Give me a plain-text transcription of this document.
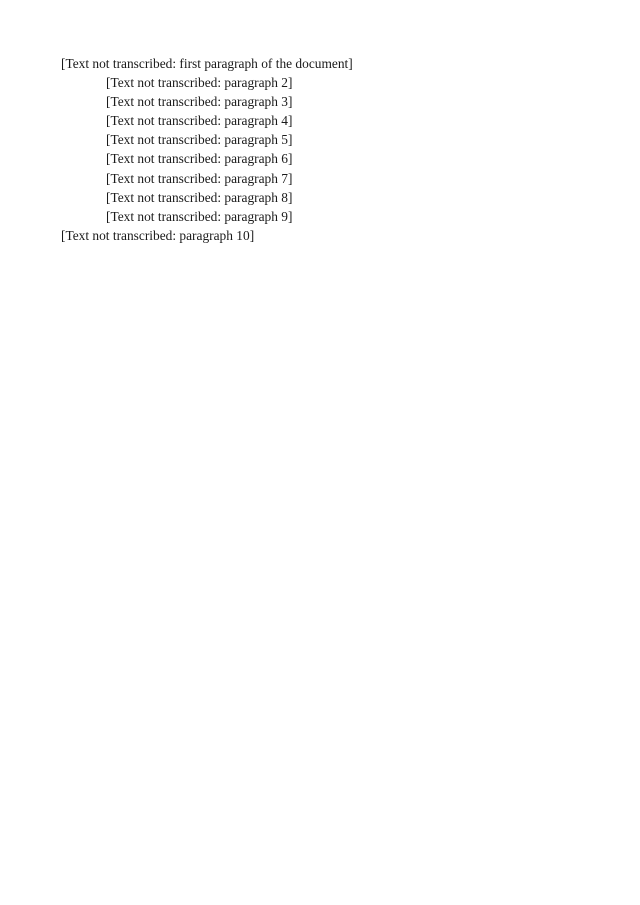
[Text not transcribed: first paragraph of the document]

[Text not transcribed: paragraph 2]

[Text not transcribed: paragraph 3]

[Text not transcribed: paragraph 4]

[Text not transcribed: paragraph 5]

[Text not transcribed: paragraph 6]

[Text not transcribed: paragraph 7]

[Text not transcribed: paragraph 8]

[Text not transcribed: paragraph 9]

[Text not transcribed: paragraph 10]
